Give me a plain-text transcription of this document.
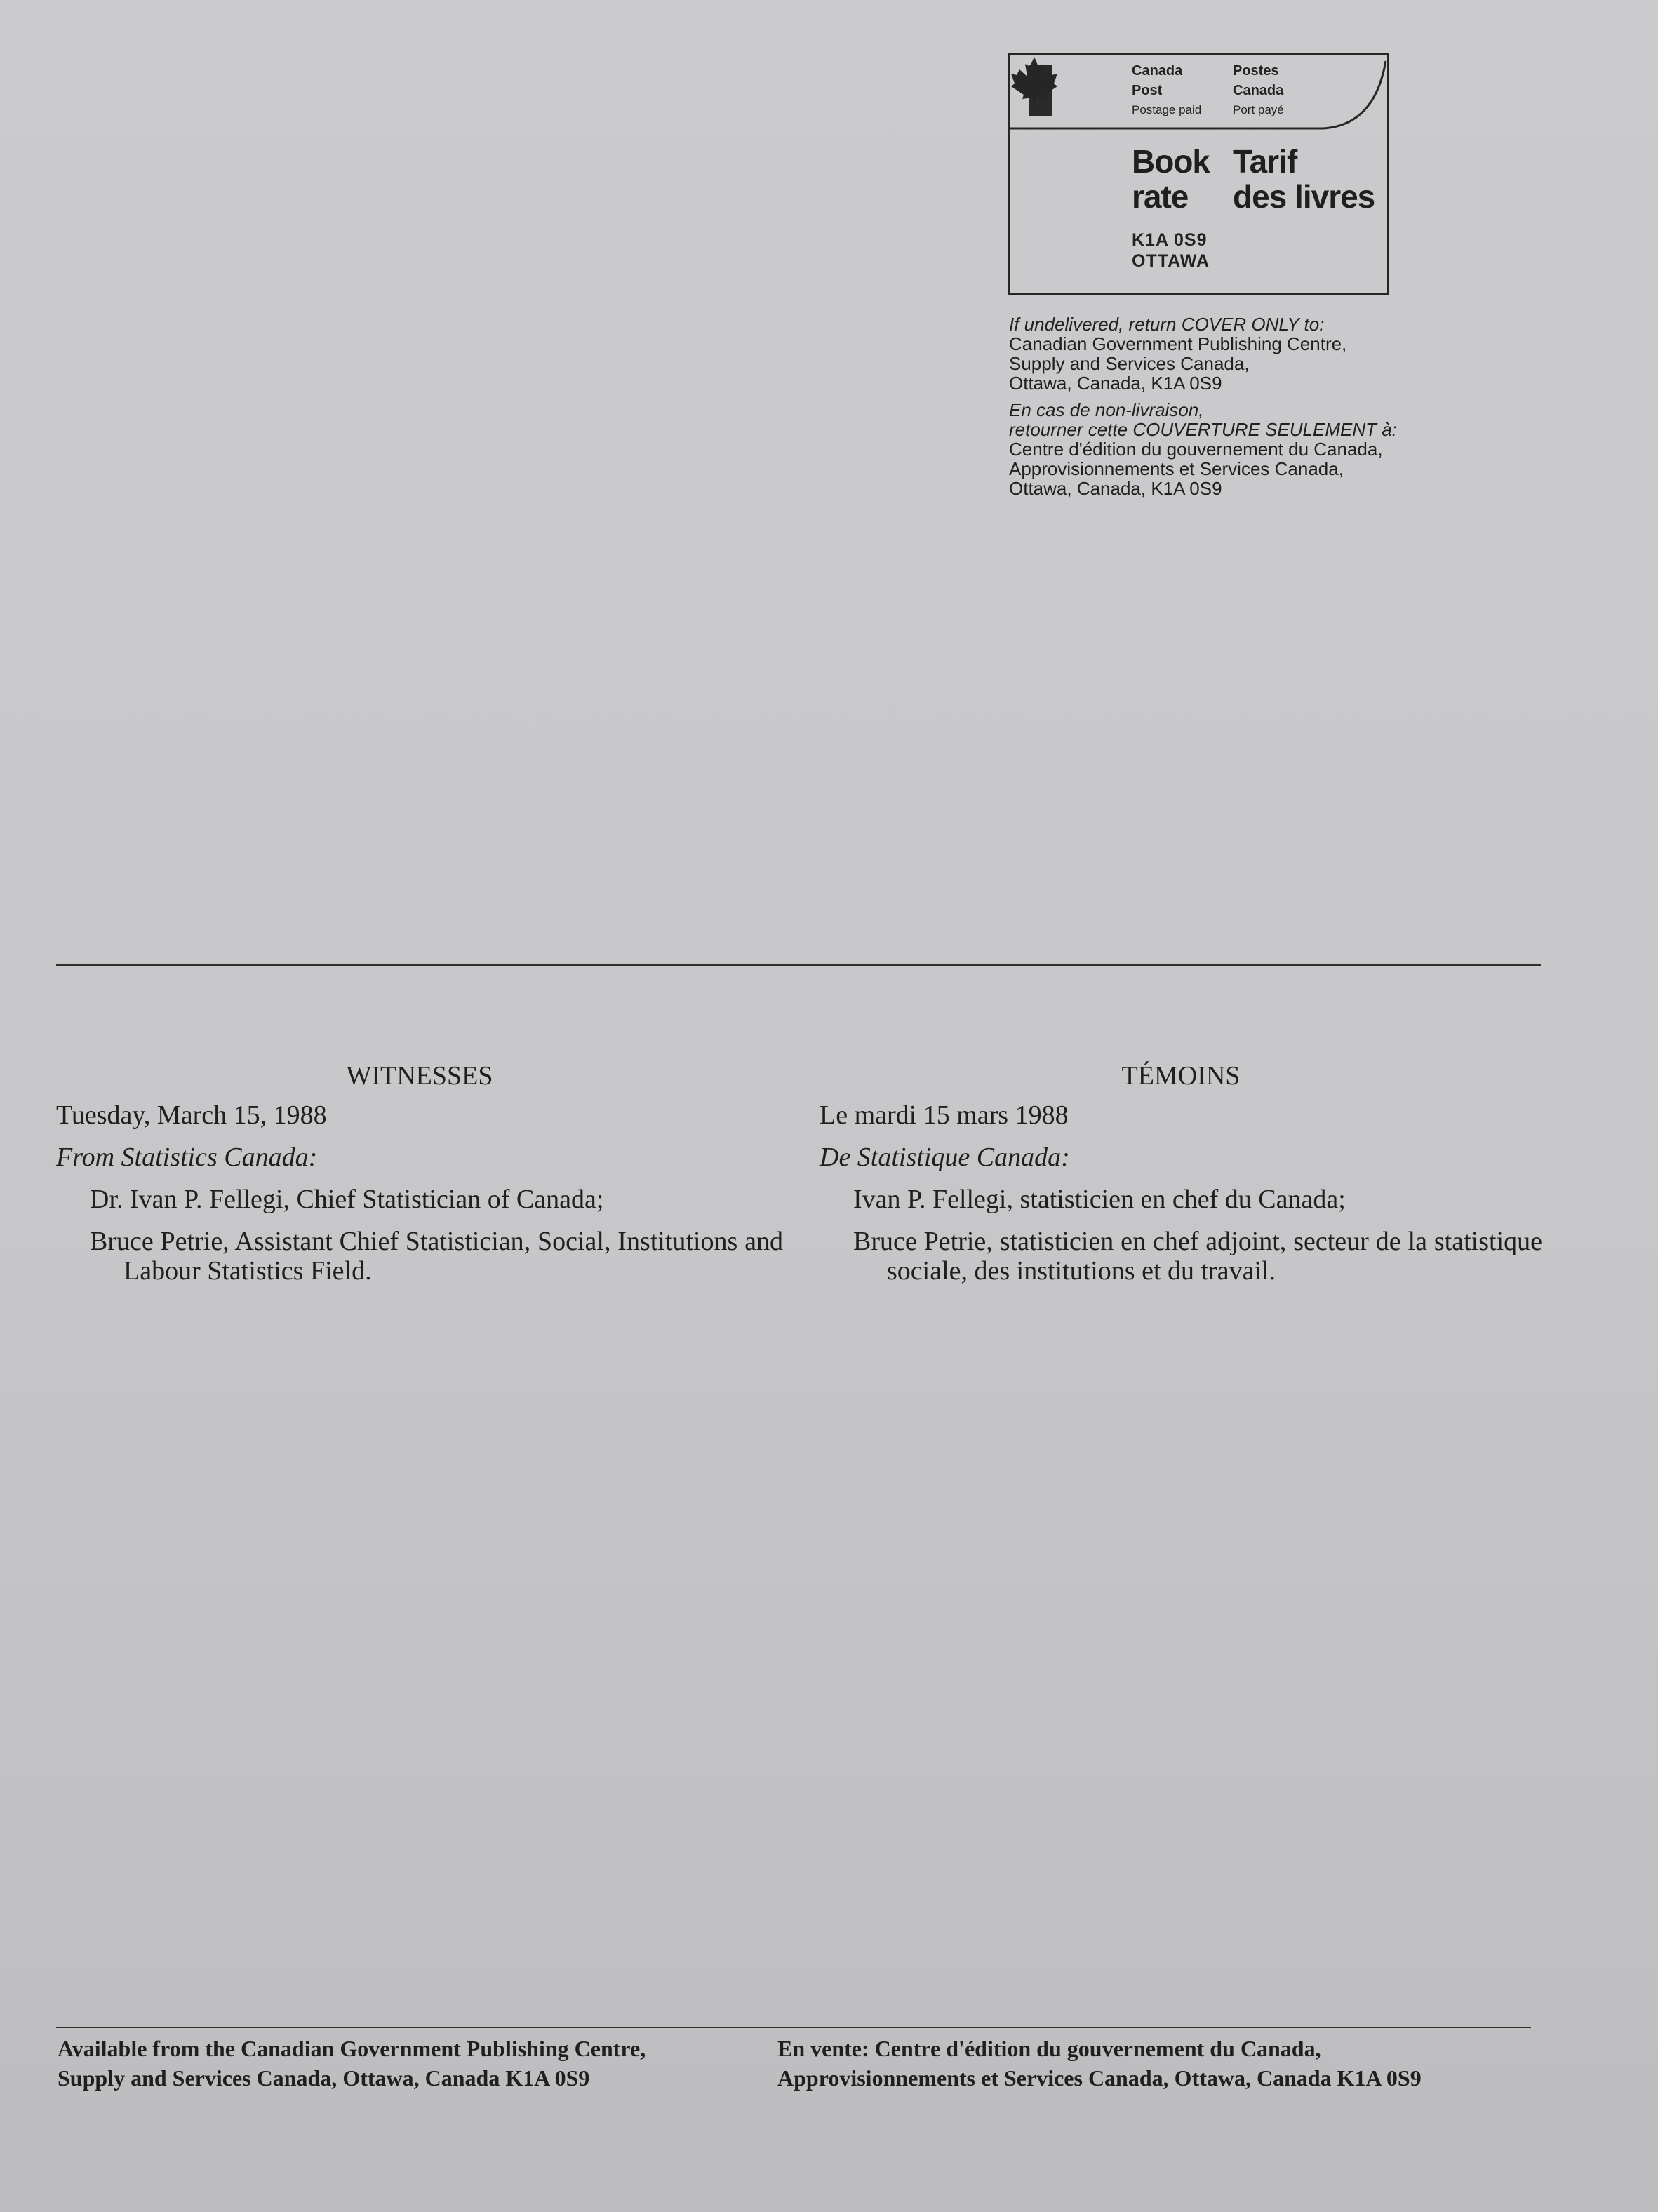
Canada
Post
Postage paid
Postes
Canada
Port payé
Book
rate
Tarif
des livres
K1A 0S9
OTTAWA
If undelivered, return COVER ONLY to:
Canadian Government Publishing Centre,
Supply and Services Canada,
Ottawa, Canada, K1A 0S9
En cas de non-livraison,
retourner cette COUVERTURE SEULEMENT à:
Centre d'édition du gouvernement du Canada,
Approvisionnements et Services Canada,
Ottawa, Canada, K1A 0S9
WITNESSES
Tuesday, March 15, 1988
From Statistics Canada:
Dr. Ivan P. Fellegi, Chief Statistician of Canada;
Bruce Petrie, Assistant Chief Statistician, Social, Institutions and Labour Statistics Field.
TÉMOINS
Le mardi 15 mars 1988
De Statistique Canada:
Ivan P. Fellegi, statisticien en chef du Canada;
Bruce Petrie, statisticien en chef adjoint, secteur de la statistique sociale, des institutions et du travail.
Available from the Canadian Government Publishing Centre,
Supply and Services Canada, Ottawa, Canada K1A 0S9
En vente: Centre d'édition du gouvernement du Canada,
Approvisionnements et Services Canada, Ottawa, Canada K1A 0S9
